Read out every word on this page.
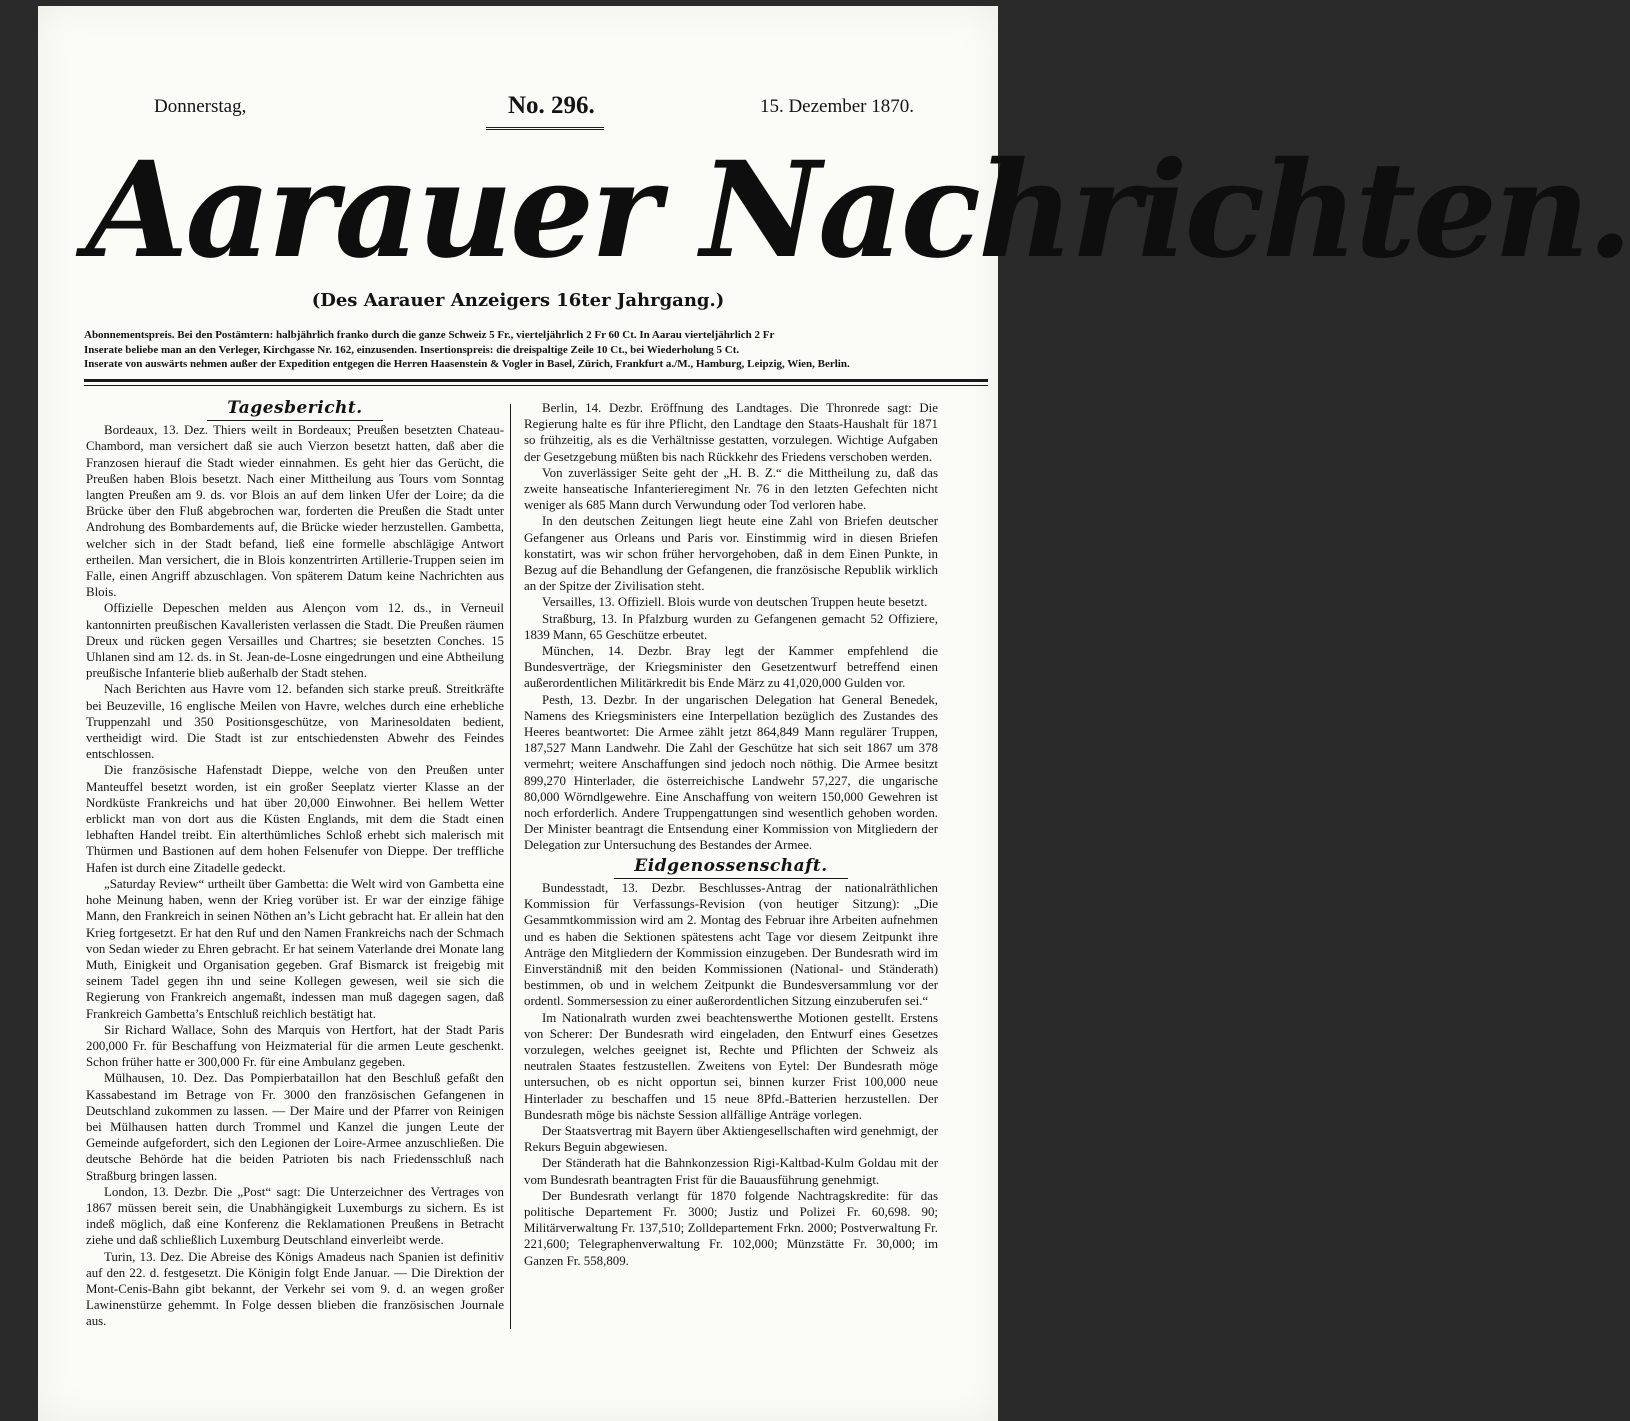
Donnerstag,	No. 296.	15. Dezember 1870.
Aarauer Nachrichten.
(Des Aarauer Anzeigers 16ter Jahrgang.)

Abonnementspreis. Bei den Postämtern: halbjährlich franko durch die ganze Schweiz 5 Fr., vierteljährlich 2 Fr 60 Ct. In Aarau vierteljährlich 2 Fr

Inserate beliebe man an den Verleger, Kirchgasse Nr. 162, einzusenden. Insertionspreis: die dreispaltige Zeile 10 Ct., bei Wiederholung 5 Ct.

Inserate von auswärts nehmen außer der Expedition entgegen die Herren Haasenstein & Vogler in Basel, Zürich, Frankfurt a./M., Hamburg, Leipzig, Wien, Berlin.

Tagesbericht.

Bordeaux, 13. Dez. Thiers weilt in Bordeaux; Preußen besetzten Chateau-Chambord, man versichert daß sie auch Vierzon besetzt hatten, daß aber die Franzosen hierauf die Stadt wieder einnahmen. Es geht hier das Gerücht, die Preußen haben Blois besetzt. Nach einer Mittheilung aus Tours vom Sonntag langten Preußen am 9. ds. vor Blois an auf dem linken Ufer der Loire; da die Brücke über den Fluß abgebrochen war, forderten die Preußen die Stadt unter Androhung des Bombardements auf, die Brücke wieder herzustellen. Gambetta, welcher sich in der Stadt befand, ließ eine formelle abschlägige Antwort ertheilen. Man versichert, die in Blois konzentrirten Artillerie-Truppen seien im Falle, einen Angriff abzuschlagen. Von späterem Datum keine Nachrichten aus Blois.

Offizielle Depeschen melden aus Alençon vom 12. ds., in Verneuil kantonnirten preußischen Kavalleristen verlassen die Stadt. Die Preußen räumen Dreux und rücken gegen Versailles und Chartres; sie besetzten Conches. 15 Uhlanen sind am 12. ds. in St. Jean-de-Losne eingedrungen und eine Abtheilung preußische Infanterie blieb außerhalb der Stadt stehen.

Nach Berichten aus Havre vom 12. befanden sich starke preuß. Streitkräfte bei Beuzeville, 16 englische Meilen von Havre, welches durch eine erhebliche Truppenzahl und 350 Positionsgeschütze, von Marinesoldaten bedient, vertheidigt wird. Die Stadt ist zur entschiedensten Abwehr des Feindes entschlossen.

Die französische Hafenstadt Dieppe, welche von den Preußen unter Manteuffel besetzt worden, ist ein großer Seeplatz vierter Klasse an der Nordküste Frankreichs und hat über 20,000 Einwohner. Bei hellem Wetter erblickt man von dort aus die Küsten Englands, mit dem die Stadt einen lebhaften Handel treibt. Ein alterthümliches Schloß erhebt sich malerisch mit Thürmen und Bastionen auf dem hohen Felsenufer von Dieppe. Der treffliche Hafen ist durch eine Zitadelle gedeckt.

„Saturday Review“ urtheilt über Gambetta: die Welt wird von Gambetta eine hohe Meinung haben, wenn der Krieg vorüber ist. Er war der einzige fähige Mann, den Frankreich in seinen Nöthen an’s Licht gebracht hat. Er allein hat den Krieg fortgesetzt. Er hat den Ruf und den Namen Frankreichs nach der Schmach von Sedan wieder zu Ehren gebracht. Er hat seinem Vaterlande drei Monate lang Muth, Einigkeit und Organisation gegeben. Graf Bismarck ist freigebig mit seinem Tadel gegen ihn und seine Kollegen gewesen, weil sie sich die Regierung von Frankreich angemaßt, indessen man muß dagegen sagen, daß Frankreich Gambetta’s Entschluß reichlich bestätigt hat.

Sir Richard Wallace, Sohn des Marquis von Hertfort, hat der Stadt Paris 200,000 Fr. für Beschaffung von Heizmaterial für die armen Leute geschenkt. Schon früher hatte er 300,000 Fr. für eine Ambulanz gegeben.

Mülhausen, 10. Dez. Das Pompierbataillon hat den Beschluß gefaßt den Kassabestand im Betrage von Fr. 3000 den französischen Gefangenen in Deutschland zukommen zu lassen. — Der Maire und der Pfarrer von Reinigen bei Mülhausen hatten durch Trommel und Kanzel die jungen Leute der Gemeinde aufgefordert, sich den Legionen der Loire-Armee anzuschließen. Die deutsche Behörde hat die beiden Patrioten bis nach Friedensschluß nach Straßburg bringen lassen.

London, 13. Dezbr. Die „Post“ sagt: Die Unterzeichner des Vertrages von 1867 müssen bereit sein, die Unabhängigkeit Luxemburgs zu sichern. Es ist indeß möglich, daß eine Konferenz die Reklamationen Preußens in Betracht ziehe und daß schließlich Luxemburg Deutschland einverleibt werde.

Turin, 13. Dez. Die Abreise des Königs Amadeus nach Spanien ist definitiv auf den 22. d. festgesetzt. Die Königin folgt Ende Januar. — Die Direktion der Mont-Cenis-Bahn gibt bekannt, der Verkehr sei vom 9. d. an wegen großer Lawinenstürze gehemmt. In Folge dessen blieben die französischen Journale aus.

Berlin, 14. Dezbr. Eröffnung des Landtages. Die Thronrede sagt: Die Regierung halte es für ihre Pflicht, den Landtage den Staats-Haushalt für 1871 so frühzeitig, als es die Verhältnisse gestatten, vorzulegen. Wichtige Aufgaben der Gesetzgebung müßten bis nach Rückkehr des Friedens verschoben werden.

Von zuverlässiger Seite geht der „H. B. Z.“ die Mittheilung zu, daß das zweite hanseatische Infanterieregiment Nr. 76 in den letzten Gefechten nicht weniger als 685 Mann durch Verwundung oder Tod verloren habe.

In den deutschen Zeitungen liegt heute eine Zahl von Briefen deutscher Gefangener aus Orleans und Paris vor. Einstimmig wird in diesen Briefen konstatirt, was wir schon früher hervorgehoben, daß in dem Einen Punkte, in Bezug auf die Behandlung der Gefangenen, die französische Republik wirklich an der Spitze der Zivilisation steht.

Versailles, 13. Offiziell. Blois wurde von deutschen Truppen heute besetzt.

Straßburg, 13. In Pfalzburg wurden zu Gefangenen gemacht 52 Offiziere, 1839 Mann, 65 Geschütze erbeutet.

München, 14. Dezbr. Bray legt der Kammer empfehlend die Bundesverträge, der Kriegsminister den Gesetzentwurf betreffend einen außerordentlichen Militärkredit bis Ende März zu 41,020,000 Gulden vor.

Pesth, 13. Dezbr. In der ungarischen Delegation hat General Benedek, Namens des Kriegsministers eine Interpellation bezüglich des Zustandes des Heeres beantwortet: Die Armee zählt jetzt 864,849 Mann regulärer Truppen, 187,527 Mann Landwehr. Die Zahl der Geschütze hat sich seit 1867 um 378 vermehrt; weitere Anschaffungen sind jedoch noch nöthig. Die Armee besitzt 899,270 Hinterlader, die österreichische Landwehr 57,227, die ungarische 80,000 Wörndlgewehre. Eine Anschaffung von weitern 150,000 Gewehren ist noch erforderlich. Andere Truppengattungen sind wesentlich gehoben worden. Der Minister beantragt die Entsendung einer Kommission von Mitgliedern der Delegation zur Untersuchung des Bestandes der Armee.

Eidgenossenschaft.

Bundesstadt, 13. Dezbr. Beschlusses-Antrag der nationalräthlichen Kommission für Verfassungs-Revision (von heutiger Sitzung): „Die Gesammtkommission wird am 2. Montag des Februar ihre Arbeiten aufnehmen und es haben die Sektionen spätestens acht Tage vor diesem Zeitpunkt ihre Anträge den Mitgliedern der Kommission einzugeben. Der Bundesrath wird im Einverständniß mit den beiden Kommissionen (National- und Ständerath) bestimmen, ob und in welchem Zeitpunkt die Bundesversammlung vor der ordentl. Sommersession zu einer außerordentlichen Sitzung einzuberufen sei.“

Im Nationalrath wurden zwei beachtenswerthe Motionen gestellt. Erstens von Scherer: Der Bundesrath wird eingeladen, den Entwurf eines Gesetzes vorzulegen, welches geeignet ist, Rechte und Pflichten der Schweiz als neutralen Staates festzustellen. Zweitens von Eytel: Der Bundesrath möge untersuchen, ob es nicht opportun sei, binnen kurzer Frist 100,000 neue Hinterlader zu beschaffen und 15 neue 8Pfd.-Batterien herzustellen. Der Bundesrath möge bis nächste Session allfällige Anträge vorlegen.

Der Staatsvertrag mit Bayern über Aktiengesellschaften wird genehmigt, der Rekurs Beguin abgewiesen.

Der Ständerath hat die Bahnkonzession Rigi-Kaltbad-Kulm Goldau mit der vom Bundesrath beantragten Frist für die Bauausführung genehmigt.

Der Bundesrath verlangt für 1870 folgende Nachtragskredite: für das politische Departement Fr. 3000; Justiz und Polizei Fr. 60,698. 90; Militärverwaltung Fr. 137,510; Zolldepartement Frkn. 2000; Postverwaltung Fr. 221,600; Telegraphenverwaltung Fr. 102,000; Münzstätte Fr. 30,000; im Ganzen Fr. 558,809.
